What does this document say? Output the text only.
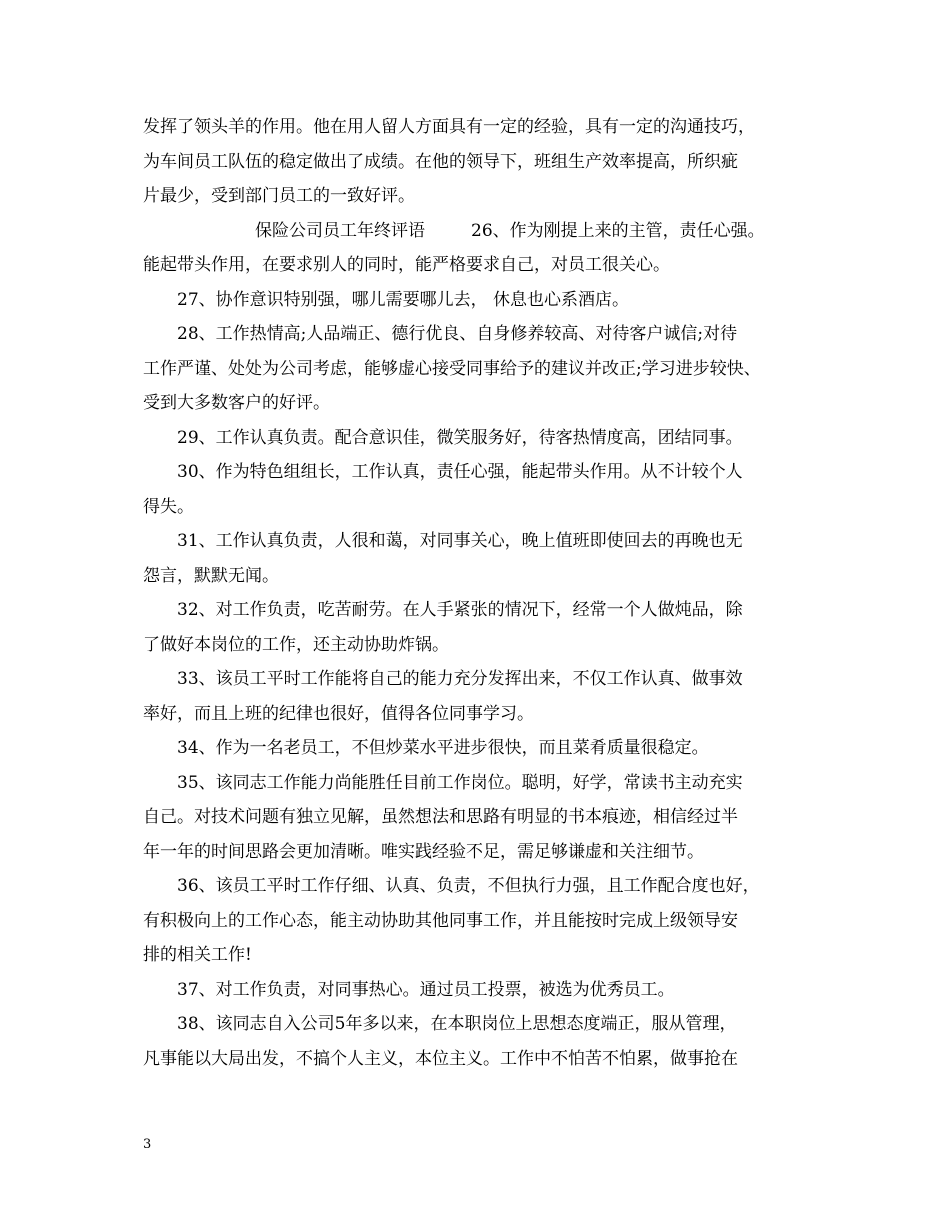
发挥了领头羊的作用。他在用人留人方面具有一定的经验，具有一定的沟通技巧，
为车间员工队伍的稳定做出了成绩。在他的领导下，班组生产效率提高，所织疵
片最少，受到部门员工的一致好评。
保险公司员工年终评语	26、作为刚提上来的主管，责任心强。
能起带头作用，在要求别人的同时，能严格要求自己，对员工很关心。
27、协作意识特别强，哪儿需要哪儿去， 休息也心系酒店。
28、工作热情高;人品端正、德行优良、自身修养较高、对待客户诚信;对待
工作严谨、处处为公司考虑，能够虚心接受同事给予的建议并改正;学习进步较快、
受到大多数客户的好评。
29、工作认真负责。配合意识佳，微笑服务好，待客热情度高，团结同事。
30、作为特色组组长，工作认真，责任心强，能起带头作用。从不计较个人
得失。
31、工作认真负责，人很和蔼，对同事关心，晚上值班即使回去的再晚也无
怨言，默默无闻。
32、对工作负责，吃苦耐劳。在人手紧张的情况下，经常一个人做炖品，除
了做好本岗位的工作，还主动协助炸锅。
33、该员工平时工作能将自己的能力充分发挥出来，不仅工作认真、做事效
率好，而且上班的纪律也很好，值得各位同事学习。
34、作为一名老员工，不但炒菜水平进步很快，而且菜肴质量很稳定。
35、该同志工作能力尚能胜任目前工作岗位。聪明，好学，常读书主动充实
自己。对技术问题有独立见解，虽然想法和思路有明显的书本痕迹，相信经过半
年一年的时间思路会更加清晰。唯实践经验不足，需足够谦虚和关注细节。
36、该员工平时工作仔细、认真、负责，不但执行力强，且工作配合度也好，
有积极向上的工作心态，能主动协助其他同事工作，并且能按时完成上级领导安
排的相关工作!
37、对工作负责，对同事热心。通过员工投票，被选为优秀员工。
38、该同志自入公司5年多以来，在本职岗位上思想态度端正，服从管理，
凡事能以大局出发，不搞个人主义，本位主义。工作中不怕苦不怕累，做事抢在
3
